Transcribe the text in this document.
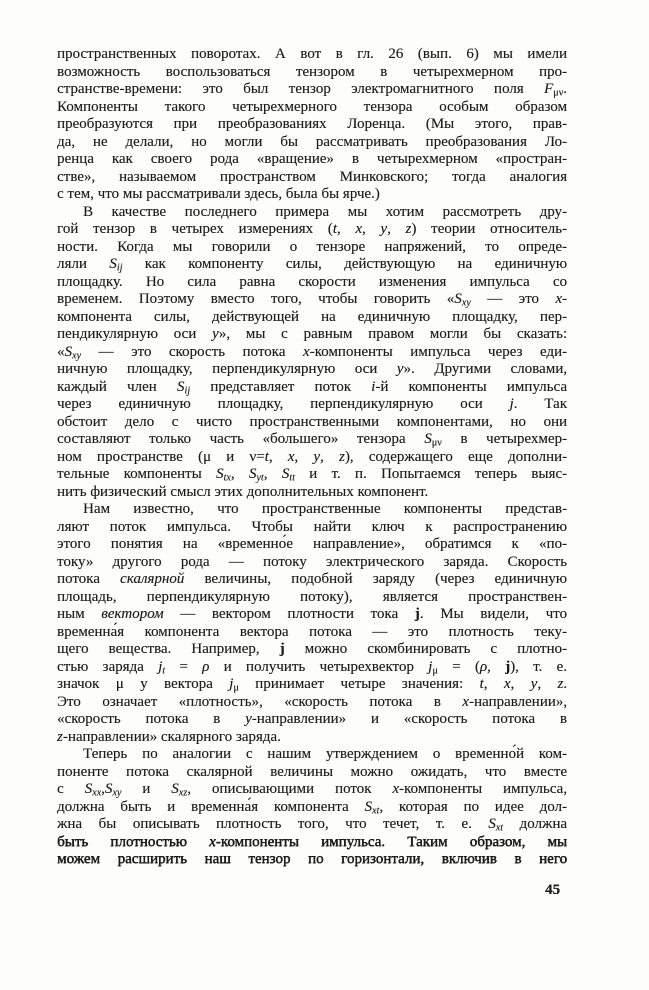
пространственных поворотах. А вот в гл. 26 (вып. 6) мы имели
возможность воспользоваться тензором в четырехмерном про-
странстве-времени: это был тензор электромагнитного поля $F_{\mu\nu}$.
Компоненты такого четырехмерного тензора особым образом
преобразуются при преобразованиях Лоренца. (Мы этого, прав-
да, не делали, но могли бы рассматривать преобразования Ло-
ренца как своего рода «вращение» в четырехмерном «простран-
стве», называемом пространством Минковского; тогда аналогия
с тем, что мы рассматривали здесь, была бы ярче.)
В качестве последнего примера мы хотим рассмотреть дру-
гой тензор в четырех измерениях (t, x, y, z) теории относитель-
ности. Когда мы говорили о тензоре напряжений, то опреде-
ляли $S_{ij}$ как компоненту силы, действующую на единичную
площадку. Но сила равна скорости изменения импульса со
временем. Поэтому вместо того, чтобы говорить «$S_{xy}$ — это x-
компонента силы, действующей на единичную площадку, пер-
пендикулярную оси y», мы с равным правом могли бы сказать:
«$S_{xy}$ — это скорость потока x-компоненты импульса через еди-
ничную площадку, перпендикулярную оси y». Другими словами,
каждый член $S_{ij}$ представляет поток i-й компоненты импульса
через единичную площадку, перпендикулярную оси j. Так
обстоит дело с чисто пространственными компонентами, но они
составляют только часть «большего» тензора $S_{\mu\nu}$ в четырехмер-
ном пространстве (μ и ν=t, x, y, z), содержащего еще дополни-
тельные компоненты $S_{tx}$, $S_{yt}$, $S_{tt}$ и т. п. Попытаемся теперь выяс-
нить физический смысл этих дополнительных компонент.
Нам известно, что пространственные компоненты представ-
ляют поток импульса. Чтобы найти ключ к распространению
этого понятия на «временно́е направление», обратимся к «по-
току» другого рода — потоку электрического заряда. Скорость
потока скалярной величины, подобной заряду (через единичную
площадь, перпендикулярную потоку), является пространствен-
ным вектором — вектором плотности тока j. Мы видели, что
временна́я компонента вектора потока — это плотность теку-
щего вещества. Например, j можно скомбинировать с плотно-
стью заряда $j_t = \rho$ и получить четырехвектор $j_\mu = (\rho$, j), т. е.
значок μ у вектора $j_\mu$ принимает четыре значения: t, x, y, z.
Это означает «плотность», «скорость потока в x-направлении»,
«скорость потока в y-направлении» и «скорость потока в
z-направлении» скалярного заряда.
Теперь по аналогии с нашим утверждением о временно́й ком-
поненте потока скалярной величины можно ожидать, что вместе
с $S_{xx},S_{xy}$ и $S_{xz}$, описывающими поток x-компоненты импульса,
должна быть и временна́я компонента $S_{xt}$, которая по идее дол-
жна бы описывать плотность того, что течет, т. е. $S_{xt}$ должна
быть плотностью x-компоненты импульса. Таким образом, мы
можем расширить наш тензор по горизонтали, включив в него
45
